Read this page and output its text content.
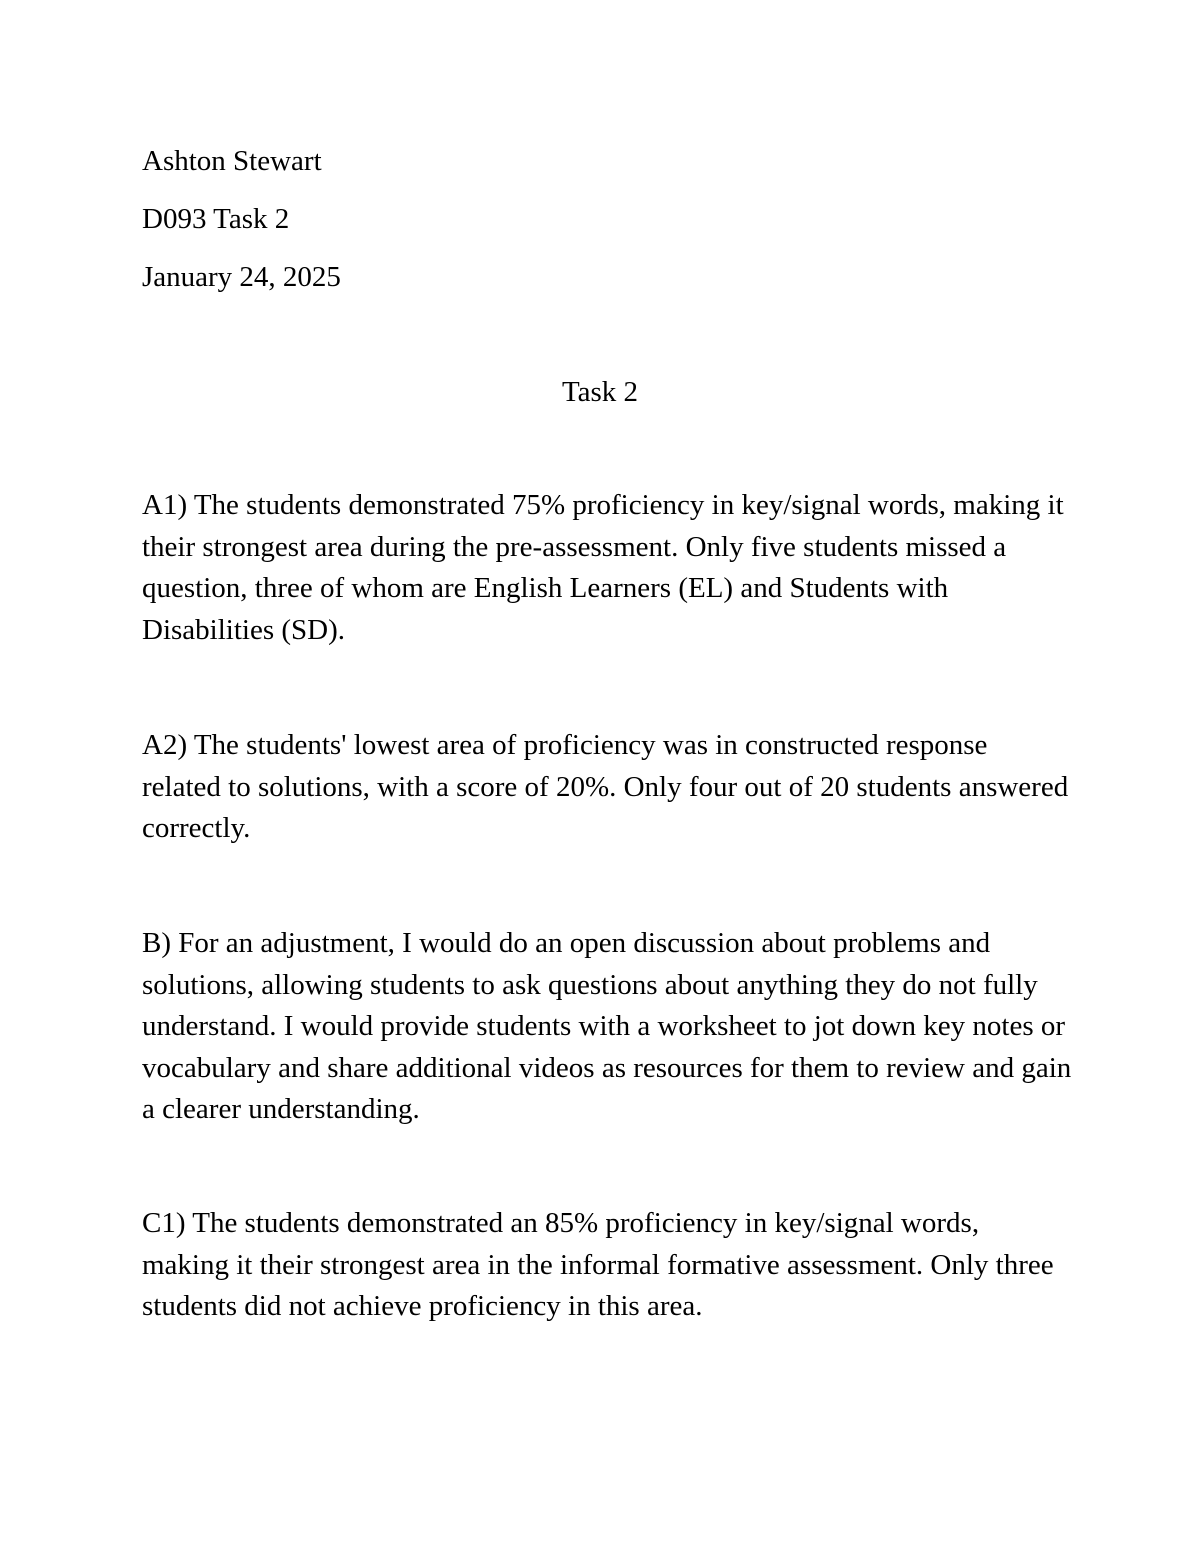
Ashton Stewart
D093 Task 2
January 24, 2025
Task 2

A1) The students demonstrated 75% proficiency in key/signal words, making it their strongest area during the pre-assessment. Only five students missed a question, three of whom are English Learners (EL) and Students with Disabilities (SD).

A2) The students' lowest area of proficiency was in constructed response related to solutions, with a score of 20%. Only four out of 20 students answered correctly.

B) For an adjustment, I would do an open discussion about problems and solutions, allowing students to ask questions about anything they do not fully understand. I would provide students with a worksheet to jot down key notes or vocabulary and share additional videos as resources for them to review and gain a clearer understanding.

C1) The students demonstrated an 85% proficiency in key/signal words, making it their strongest area in the informal formative assessment. Only three students did not achieve proficiency in this area.
